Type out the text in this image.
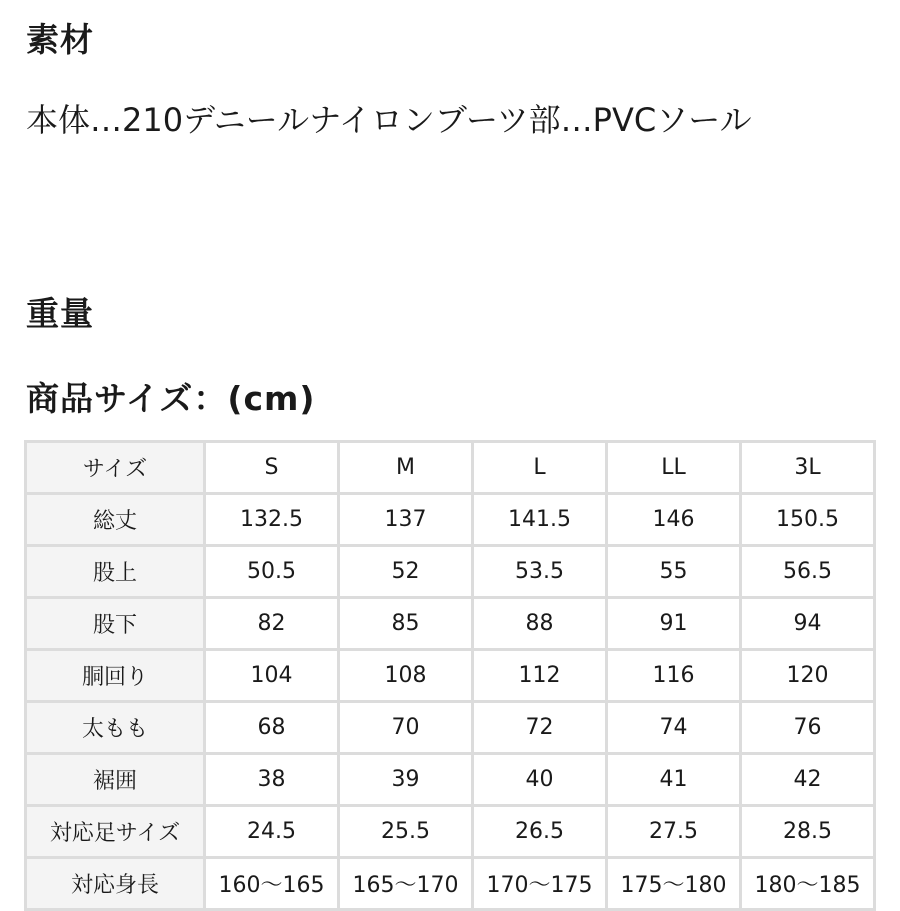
素材

本体…210デニールナイロンブーツ部…PVCソール

重量
商品サイズ：(cm)
サイズ	S	M	L	LL	3L
総丈	132.5	137	141.5	146	150.5
股上	50.5	52	53.5	55	56.5
股下	82	85	88	91	94
胴回り	104	108	112	116	120
太もも	68	70	72	74	76
裾囲	38	39	40	41	42
対応足サイズ	24.5	25.5	26.5	27.5	28.5
対応身長	160〜165	165〜170	170〜175	175〜180	180〜185
